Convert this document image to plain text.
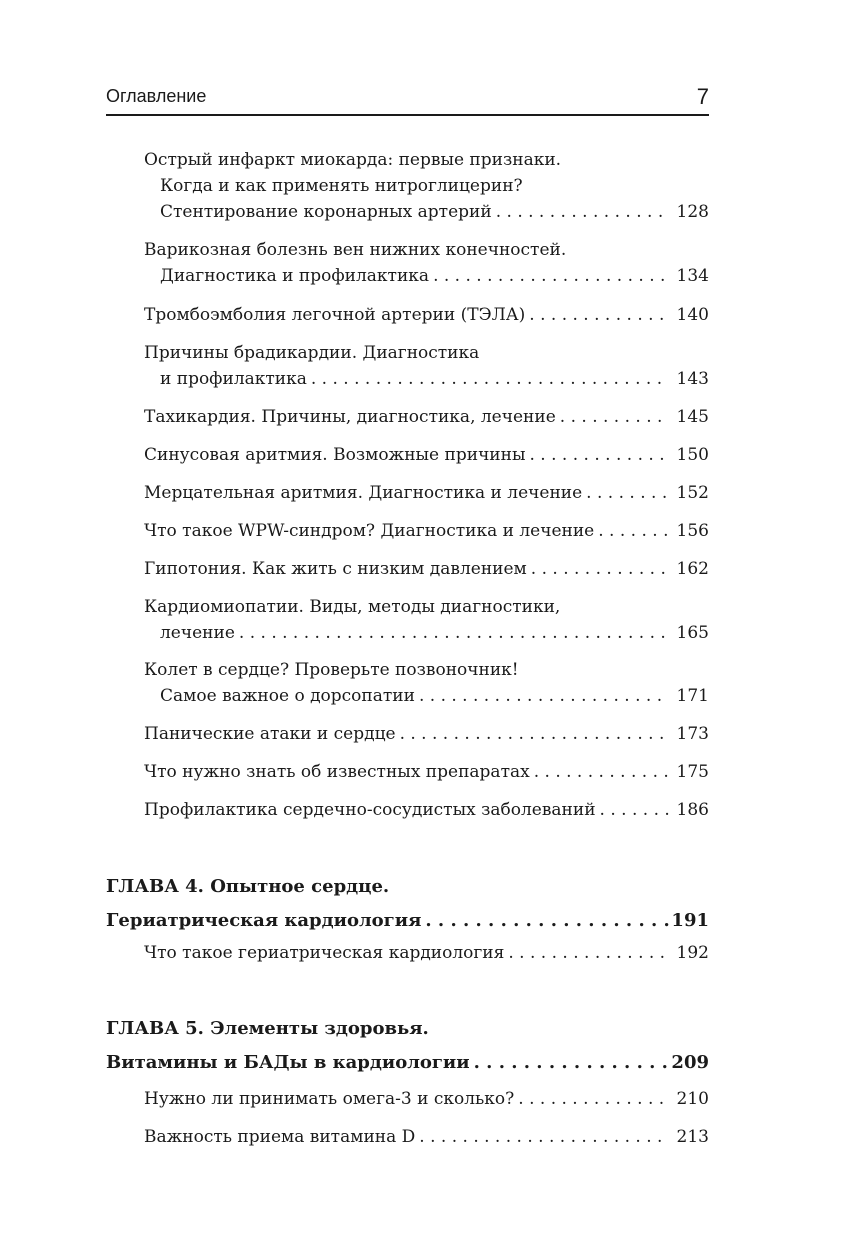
Оглавление	7
Острый инфаркт миокарда: первые признаки.
Когда и как применять нитроглицерин?
Стентирование коронарных артерий . . .	128
Варикозная болезнь вен нижних конечностей.
Диагностика и профилактика . . .	134
Тромбоэмболия легочной артерии (ТЭЛА) . . .	140
Причины брадикардии. Диагностика
и профилактика . . .	143
Тахикардия. Причины, диагностика, лечение . . .	145
Синусовая аритмия. Возможные причины . . .	150
Мерцательная аритмия. Диагностика и лечение . . .	152
Что такое WPW-синдром? Диагностика и лечение . . .	156
Гипотония. Как жить с низким давлением . . .	162
Кардиомиопатии. Виды, методы диагностики,
лечение . . .	165
Колет в сердце? Проверьте позвоночник!
Самое важное о дорсопатии . . .	171
Панические атаки и сердце . . .	173
Что нужно знать об известных препаратах . . .	175
Профилактика сердечно-сосудистых заболеваний . . .	186
ГЛАВА 4. Опытное сердце.
Гериатрическая кардиология . . .	191
Что такое гериатрическая кардиология . . .	192
ГЛАВА 5. Элементы здоровья.
Витамины и БАДы в кардиологии . . .	209
Нужно ли принимать омега-3 и сколько? . . .	210
Важность приема витамина D . . .	213
